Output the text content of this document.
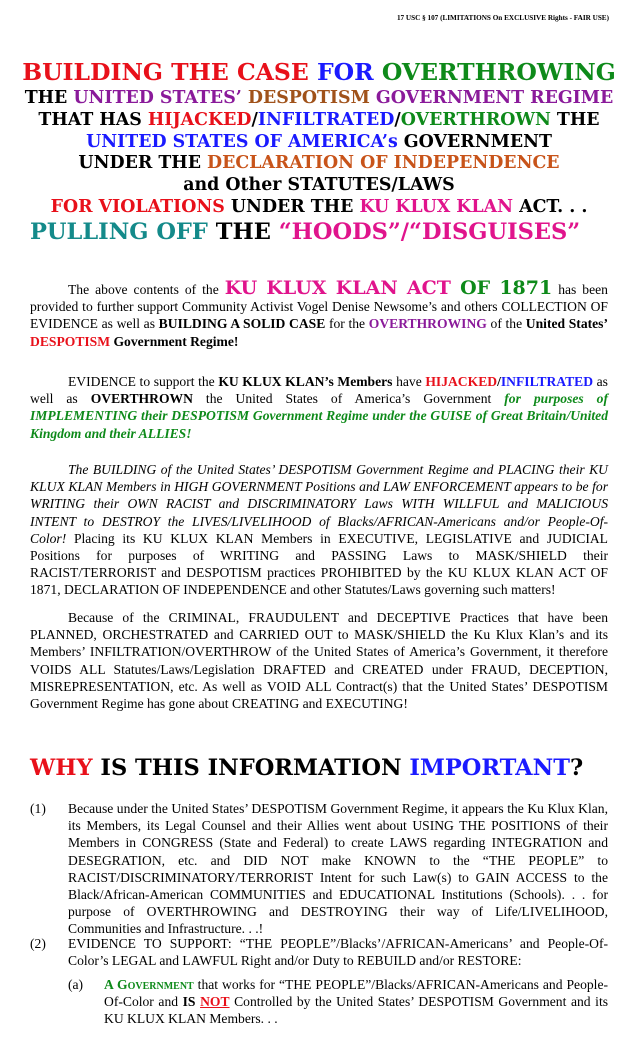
17 USC § 107 (LIMITATIONS On EXCLUSIVE Rights - FAIR USE)
BUILDING THE CASE FOR OVERTHROWING
THE UNITED STATES’ DESPOTISM GOVERNMENT REGIME
THAT HAS HIJACKED/INFILTRATED/OVERTHROWN THE
UNITED STATES OF AMERICA’s GOVERNMENT
UNDER THE DECLARATION OF INDEPENDENCE
and Other STATUTES/LAWS
FOR VIOLATIONS UNDER THE KU KLUX KLAN ACT. . .
PULLING OFF THE “HOODS”/“DISGUISES”

The above contents of the KU KLUX KLAN ACT OF 1871 has been provided to further support Community Activist Vogel Denise Newsome’s and others COLLECTION OF EVIDENCE as well as BUILDING A SOLID CASE for the OVERTHROWING of the United States’ DESPOTISM Government Regime!

EVIDENCE to support the KU KLUX KLAN’s Members have HIJACKED/INFILTRATED as well as OVERTHROWN the United States of America’s Government for purposes of IMPLEMENTING their DESPOTISM Government Regime under the GUISE of Great Britain/United Kingdom and their ALLIES!

The BUILDING of the United States’ DESPOTISM Government Regime and PLACING their KU KLUX KLAN Members in HIGH GOVERNMENT Positions and LAW ENFORCEMENT appears to be for WRITING their OWN RACIST and DISCRIMINATORY Laws WITH WILLFUL and MALICIOUS INTENT to DESTROY the LIVES/LIVELIHOOD of Blacks/AFRICAN-Americans and/or People-Of-Color! Placing its KU KLUX KLAN Members in EXECUTIVE, LEGISLATIVE and JUDICIAL Positions for purposes of WRITING and PASSING Laws to MASK/SHIELD their RACIST/TERRORIST and DESPOTISM practices PROHIBITED by the KU KLUX KLAN ACT OF 1871, DECLARATION OF INDEPENDENCE and other Statutes/Laws governing such matters!

Because of the CRIMINAL, FRAUDULENT and DECEPTIVE Practices that have been PLANNED, ORCHESTRATED and CARRIED OUT to MASK/SHIELD the Ku Klux Klan’s and its Members’ INFILTRATION/OVERTHROW of the United States of America’s Government, it therefore VOIDS ALL Statutes/Laws/Legislation DRAFTED and CREATED under FRAUD, DECEPTION, MISREPRESENTATION, etc. As well as VOID ALL Contract(s) that the United States’ DESPOTISM Government Regime has gone about CREATING and EXECUTING!

WHY IS THIS INFORMATION IMPORTANT?
(1) Because under the United States’ DESPOTISM Government Regime, it appears the Ku Klux Klan, its Members, its Legal Counsel and their Allies went about USING THE POSITIONS of their Members in CONGRESS (State and Federal) to create LAWS regarding INTEGRATION and DESEGRATION, etc. and DID NOT make KNOWN to the “THE PEOPLE” to RACIST/DISCRIMINATORY/TERRORIST Intent for such Law(s) to GAIN ACCESS to the Black/African-American COMMUNITIES and EDUCATIONAL Institutions (Schools). . . for purpose of OVERTHROWING and DESTROYING their way of Life/LIVELIHOOD, Communities and Infrastructure. . .!
(2) EVIDENCE TO SUPPORT: “THE PEOPLE”/Blacks’/AFRICAN-Americans’ and People-Of-Color’s LEGAL and LAWFUL Right and/or Duty to REBUILD and/or RESTORE:
(a) A Government that works for “THE PEOPLE”/Blacks/AFRICAN-Americans and People-Of-Color and IS NOT Controlled by the United States’ DESPOTISM Government and its KU KLUX KLAN Members. . .
